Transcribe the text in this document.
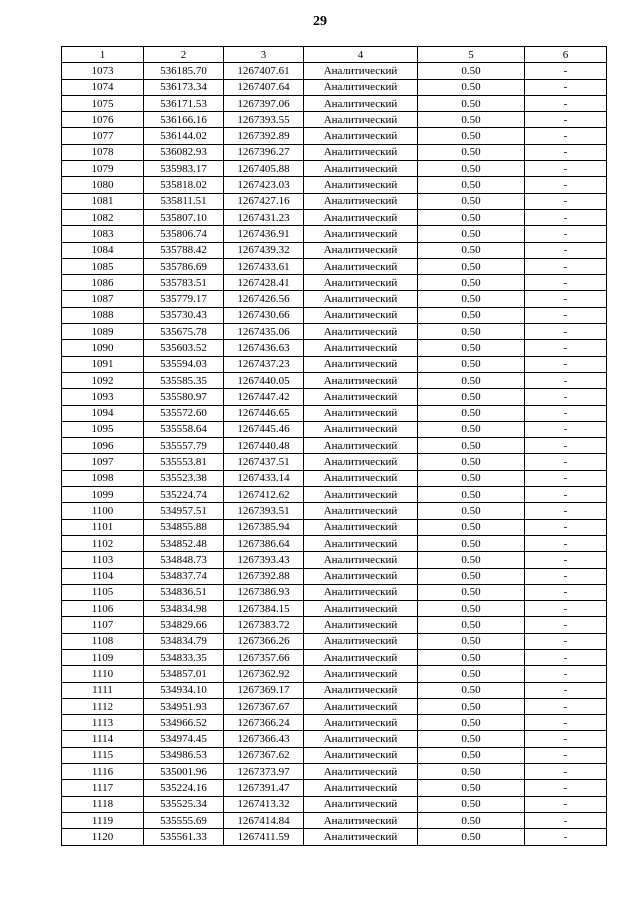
29
1	2	3	4	5	6
1073	536185.70	1267407.61	Аналитический	0.50	-
1074	536173.34	1267407.64	Аналитический	0.50	-
1075	536171.53	1267397.06	Аналитический	0.50	-
1076	536166.16	1267393.55	Аналитический	0.50	-
1077	536144.02	1267392.89	Аналитический	0.50	-
1078	536082.93	1267396.27	Аналитический	0.50	-
1079	535983.17	1267405.88	Аналитический	0.50	-
1080	535818.02	1267423.03	Аналитический	0.50	-
1081	535811.51	1267427.16	Аналитический	0.50	-
1082	535807.10	1267431.23	Аналитический	0.50	-
1083	535806.74	1267436.91	Аналитический	0.50	-
1084	535788.42	1267439.32	Аналитический	0.50	-
1085	535786.69	1267433.61	Аналитический	0.50	-
1086	535783.51	1267428.41	Аналитический	0.50	-
1087	535779.17	1267426.56	Аналитический	0.50	-
1088	535730.43	1267430.66	Аналитический	0.50	-
1089	535675.78	1267435.06	Аналитический	0.50	-
1090	535603.52	1267436.63	Аналитический	0.50	-
1091	535594.03	1267437.23	Аналитический	0.50	-
1092	535585.35	1267440.05	Аналитический	0.50	-
1093	535580.97	1267447.42	Аналитический	0.50	-
1094	535572.60	1267446.65	Аналитический	0.50	-
1095	535558.64	1267445.46	Аналитический	0.50	-
1096	535557.79	1267440.48	Аналитический	0.50	-
1097	535553.81	1267437.51	Аналитический	0.50	-
1098	535523.38	1267433.14	Аналитический	0.50	-
1099	535224.74	1267412.62	Аналитический	0.50	-
1100	534957.51	1267393.51	Аналитический	0.50	-
1101	534855.88	1267385.94	Аналитический	0.50	-
1102	534852.48	1267386.64	Аналитический	0.50	-
1103	534848.73	1267393.43	Аналитический	0.50	-
1104	534837.74	1267392.88	Аналитический	0.50	-
1105	534836.51	1267386.93	Аналитический	0.50	-
1106	534834.98	1267384.15	Аналитический	0.50	-
1107	534829.66	1267383.72	Аналитический	0.50	-
1108	534834.79	1267366.26	Аналитический	0.50	-
1109	534833.35	1267357.66	Аналитический	0.50	-
1110	534857.01	1267362.92	Аналитический	0.50	-
1111	534934.10	1267369.17	Аналитический	0.50	-
1112	534951.93	1267367.67	Аналитический	0.50	-
1113	534966.52	1267366.24	Аналитический	0.50	-
1114	534974.45	1267366.43	Аналитический	0.50	-
1115	534986.53	1267367.62	Аналитический	0.50	-
1116	535001.96	1267373.97	Аналитический	0.50	-
1117	535224.16	1267391.47	Аналитический	0.50	-
1118	535525.34	1267413.32	Аналитический	0.50	-
1119	535555.69	1267414.84	Аналитический	0.50	-
1120	535561.33	1267411.59	Аналитический	0.50	-
